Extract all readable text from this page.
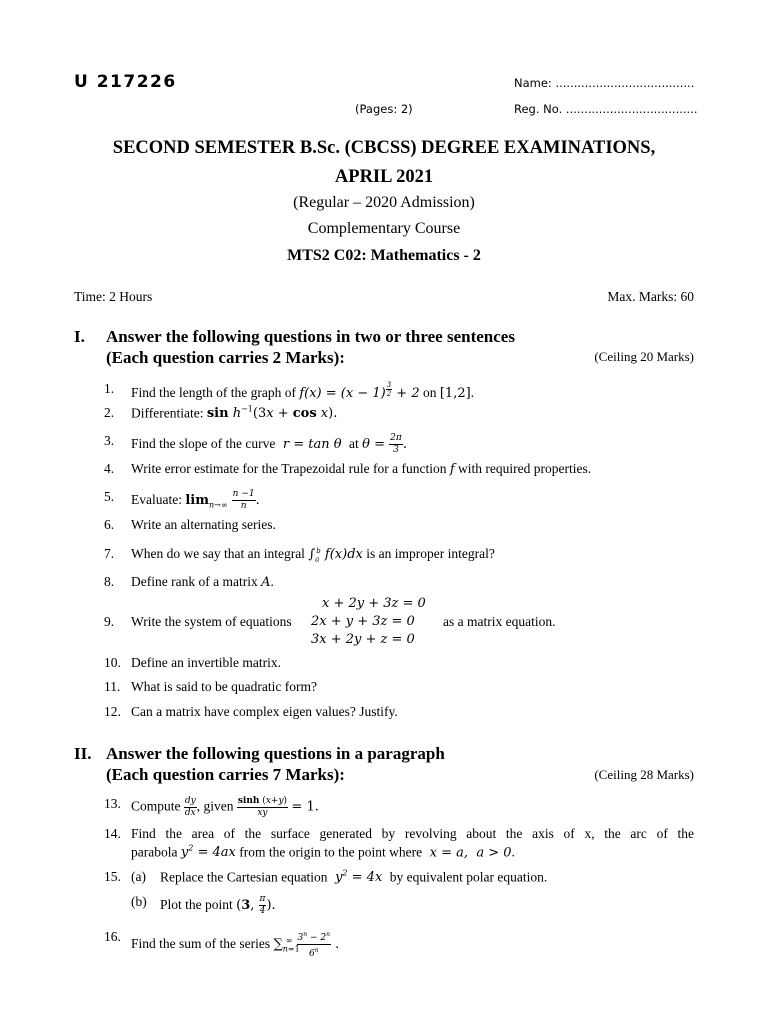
U 217226	Name: ......................................
(Pages: 2)	Reg. No. ....................................
SECOND SEMESTER B.Sc. (CBCSS) DEGREE EXAMINATIONS,
APRIL 2021
(Regular – 2020 Admission)
Complementary Course
MTS2 C02: Mathematics - 2
Time: 2 Hours	Max. Marks: 60
I. Answer the following questions in two or three sentences
(Each question carries 2 Marks):	(Ceiling 20 Marks)
1. Find the length of the graph of f(x) = (x − 1) $^{\frac{3}{2}}$ + 2 on [1,2].
2. Differentiate: $\sin h^{-1}(3x + \cos x)$.
3. Find the slope of the curve  r = tan θ  at $\theta = \frac{2\pi}{3}$ .
4. Write error estimate for the Trapezoidal rule for a function f with required properties.
5. Evaluate: $\lim_{n\to\infty} \frac{n -1}{n}$ .
6. Write an alternating series.
7. When do we say that an integral $\int_a^b$ f(x)dx is an improper integral?
8. Define rank of a matrix A.
x + 2y + 3z = 0
2x + y + 3z = 0
3x + 2y + z = 0
9. Write the system of equations	as a matrix equation.
10. Define an invertible matrix.
11. What is said to be quadratic form?
12. Can a matrix have complex eigen values? Justify.
II. Answer the following questions in a paragraph
(Each question carries 7 Marks):	(Ceiling 28 Marks)
13. Compute $\frac{dy}{dx}$ , given $\frac{\sinh (x+y)}{xy} = 1$.
14. Find the area of the surface generated by revolving about the axis of x, the arc of the
parabola $y^2 = 4ax$ from the origin to the point where  x = a,  a > 0.
15. (a) Replace the Cartesian equation  $y^2 = 4x$  by equivalent polar equation.
(b) Plot the point (3, $\frac{\pi}{4}$ ).
16. Find the sum of the series $\sum_{n=1}^\infty \frac{3^n - 2^n}{6^n}$ .
